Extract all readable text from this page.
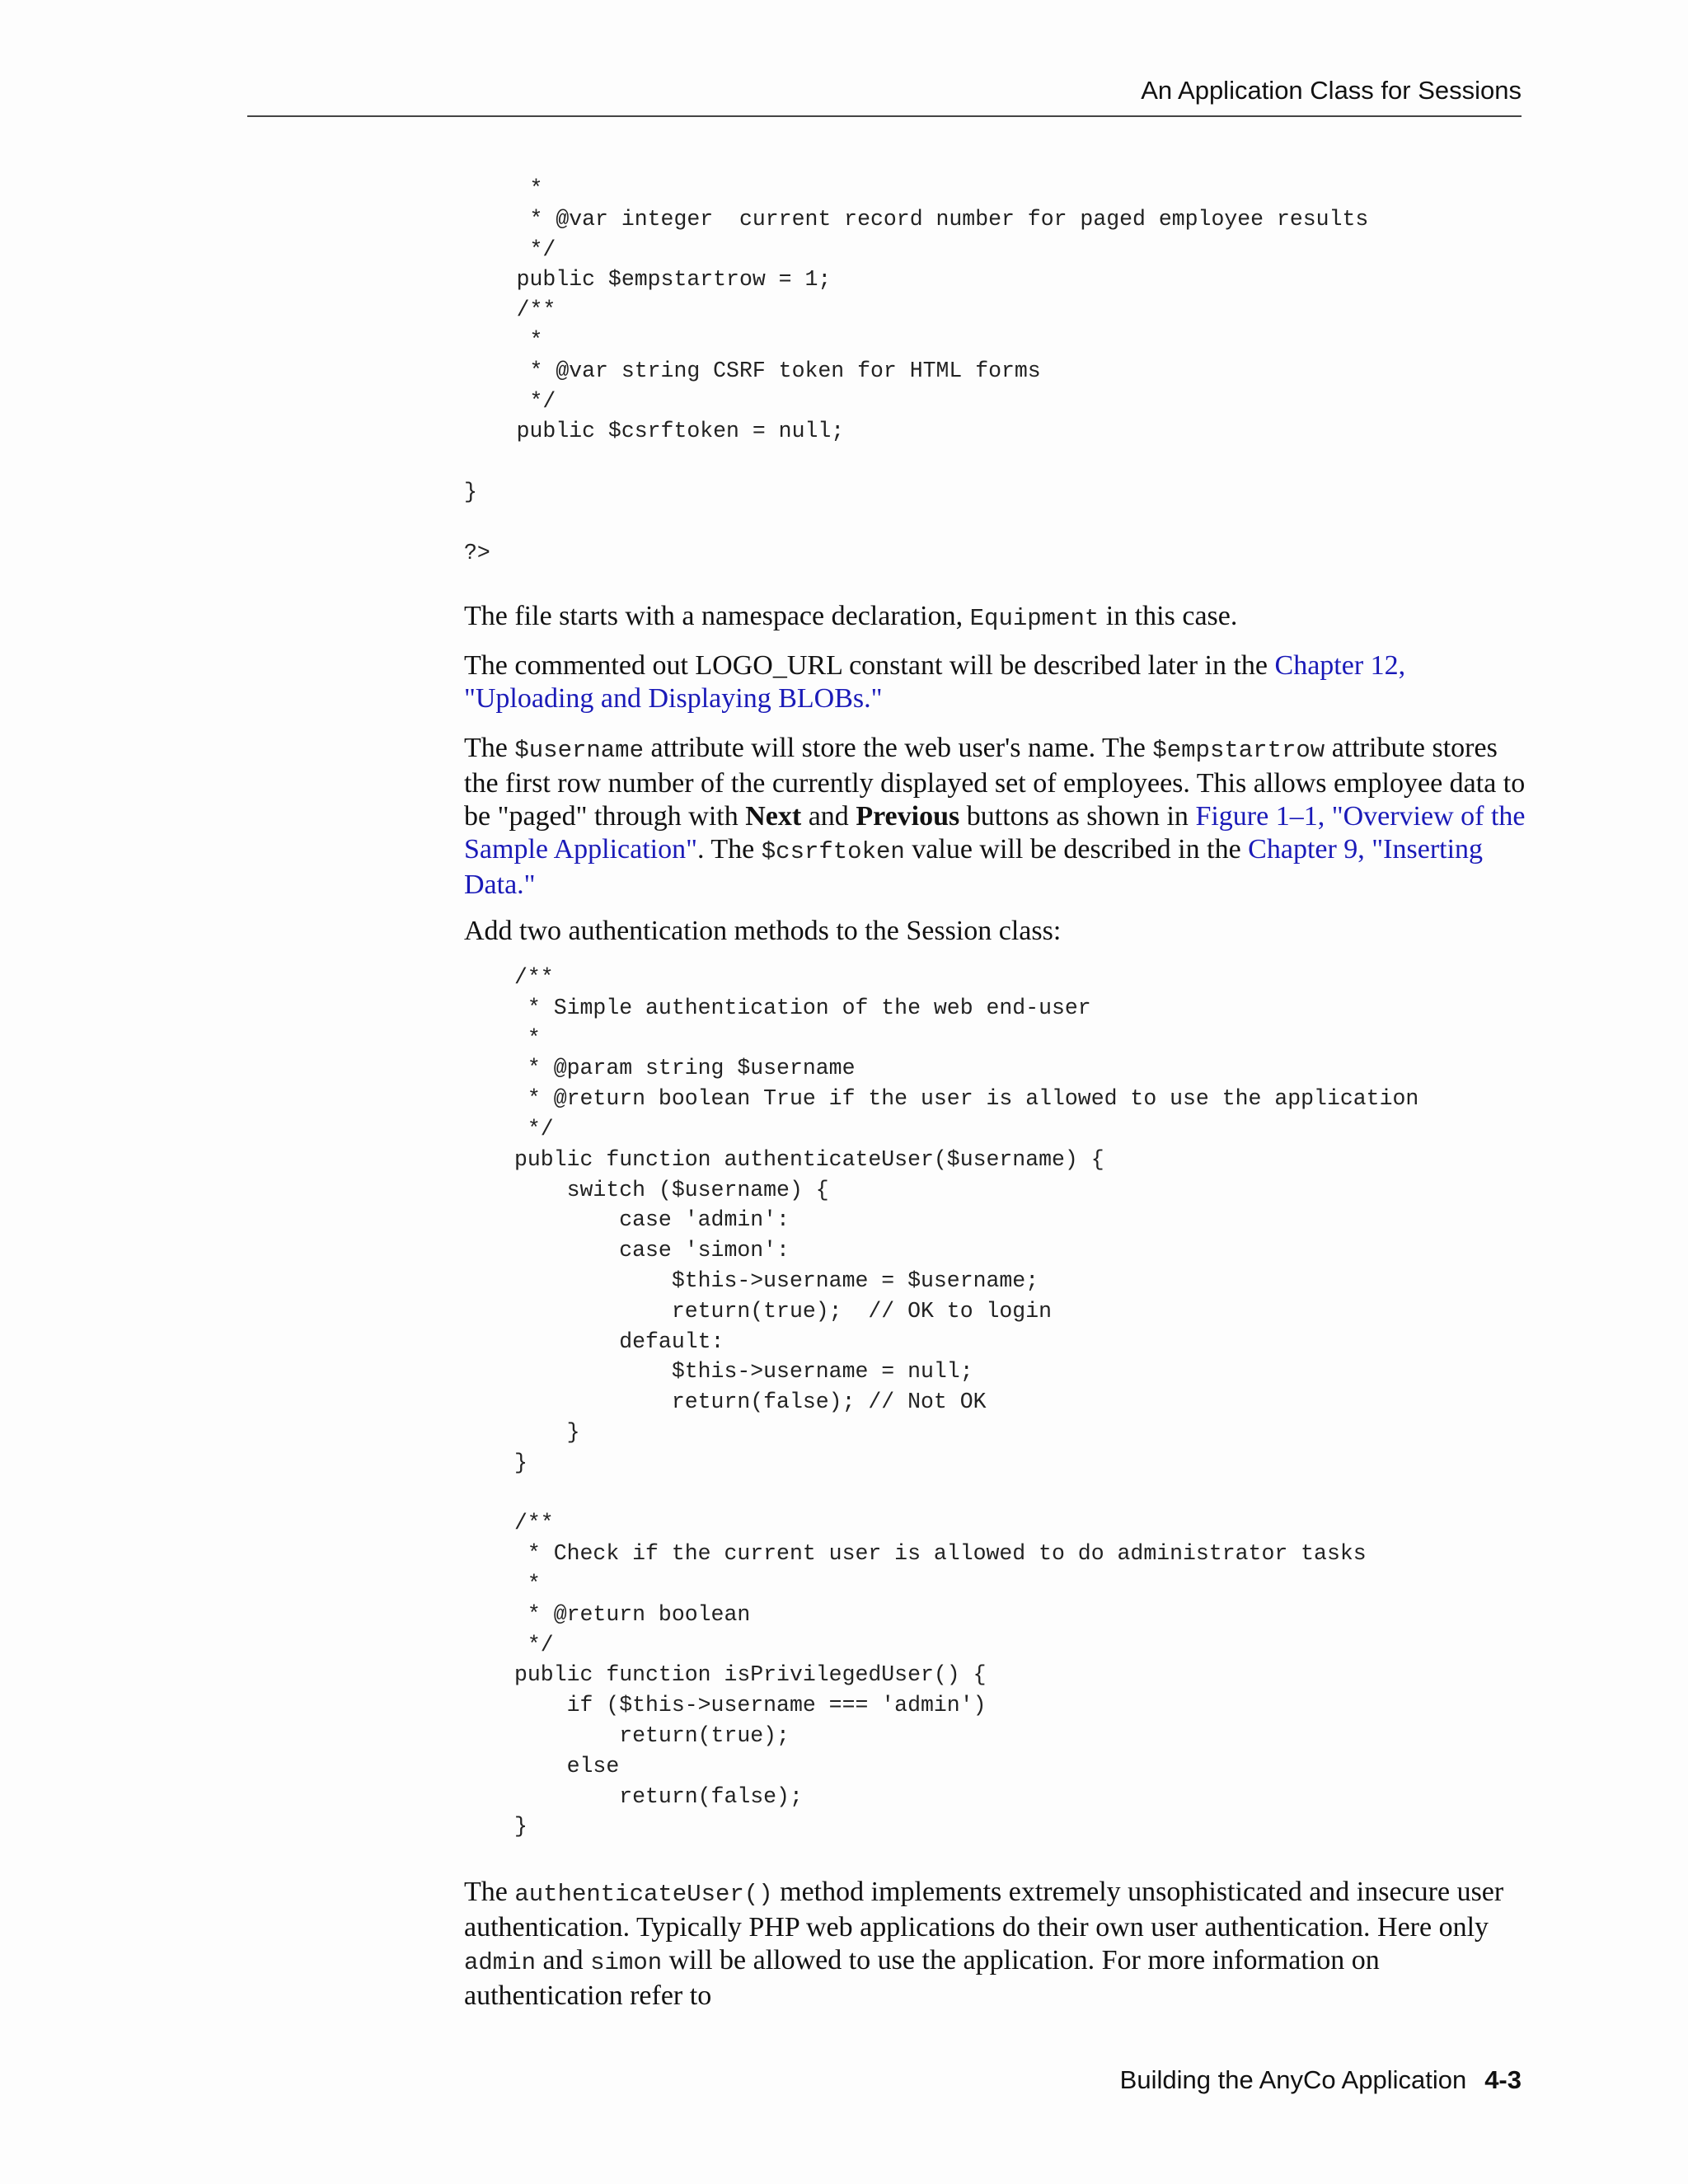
An Application Class for Sessions
*
* @var integer  current record number for paged employee results
*/
public $empstartrow = 1;
/**
*
* @var string CSRF token for HTML forms
*/
public $csrftoken = null;

}

?>

The file starts with a namespace declaration, Equipment in this case.

The commented out LOGO_URL constant will be described later in the Chapter 12, "Uploading and Displaying BLOBs."

The $username attribute will store the web user's name. The $empstartrow attribute stores the first row number of the currently displayed set of employees. This allows employee data to be "paged" through with Next and Previous buttons as shown in Figure 1–1, "Overview of the Sample Application". The $csrftoken value will be described in the Chapter 9, "Inserting Data."

Add two authentication methods to the Session class:

/**
* Simple authentication of the web end-user
*
* @param string $username
* @return boolean True if the user is allowed to use the application
*/
public function authenticateUser($username) {
switch ($username) {
case 'admin':
case 'simon':
$this->username = $username;
return(true);  // OK to login
default:
$this->username = null;
return(false); // Not OK
}
}

/**
* Check if the current user is allowed to do administrator tasks
*
* @return boolean
*/
public function isPrivilegedUser() {
if ($this->username === 'admin')
return(true);
else
return(false);
}

The authenticateUser() method implements extremely unsophisticated and insecure user authentication. Typically PHP web applications do their own user authentication. Here only admin and simon will be allowed to use the application. For more information on authentication refer to

Building the AnyCo Application 4-3
